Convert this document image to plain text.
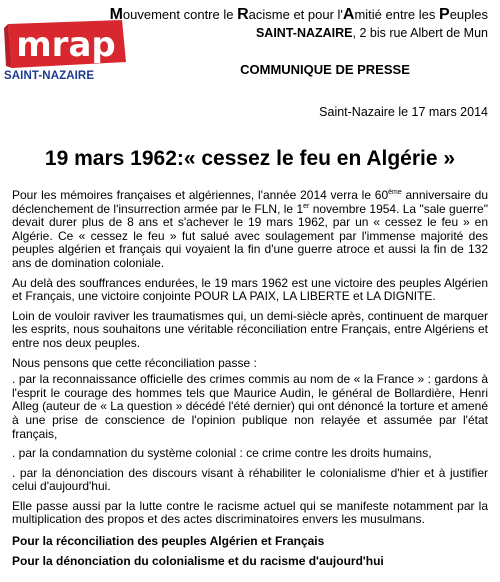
mrap
SAINT-NAZAIRE
Mouvement contre le Racisme et pour l'Amitié entre les Peuples
SAINT-NAZAIRE, 2 bis rue Albert de Mun
COMMUNIQUE DE PRESSE
Saint-Nazaire le 17 mars 2014
19 mars 1962:« cessez le feu en Algérie »

Pour les mémoires françaises et algériennes, l'année 2014 verra le 60ème anniversaire du déclenchement de l'insurrection armée par le FLN, le 1er novembre 1954. La "sale guerre" devait durer plus de 8 ans et s'achever le 19 mars 1962, par un « cessez le feu » en Algérie. Ce « cessez le feu » fut salué avec soulagement par l'immense majorité des peuples algérien et français qui voyaient la fin d'une guerre atroce et aussi la fin de 132 ans de domination coloniale.

Au delà des souffrances endurées, le 19 mars 1962 est une victoire des peuples Algérien et Français, une victoire conjointe POUR LA PAIX, LA LIBERTE et LA DIGNITE.

Loin de vouloir raviver les traumatismes qui, un demi-siècle après, continuent de marquer les esprits, nous souhaitons une véritable réconciliation entre Français, entre Algériens et entre nos deux peuples.

Nous pensons que cette réconciliation passe :

. par la reconnaissance officielle des crimes commis au nom de « la France » : gardons à l'esprit le courage des hommes tels que Maurice Audin, le général de Bollardière, Henri Alleg (auteur de « La question » décédé l'été dernier) qui ont dénoncé la torture et amené à une prise de conscience de l'opinion publique non relayée et assumée par l'état français,

. par la condamnation du système colonial : ce crime contre les droits humains,

. par la dénonciation des discours visant à réhabiliter le colonialisme d'hier et à justifier celui d'aujourd'hui.

Elle passe aussi par la lutte contre le racisme actuel qui se manifeste notamment par la multiplication des propos et des actes discriminatoires envers les musulmans.

Pour la réconciliation des peuples Algérien et Français

Pour la dénonciation du colonialisme et du racisme d'aujourd'hui
